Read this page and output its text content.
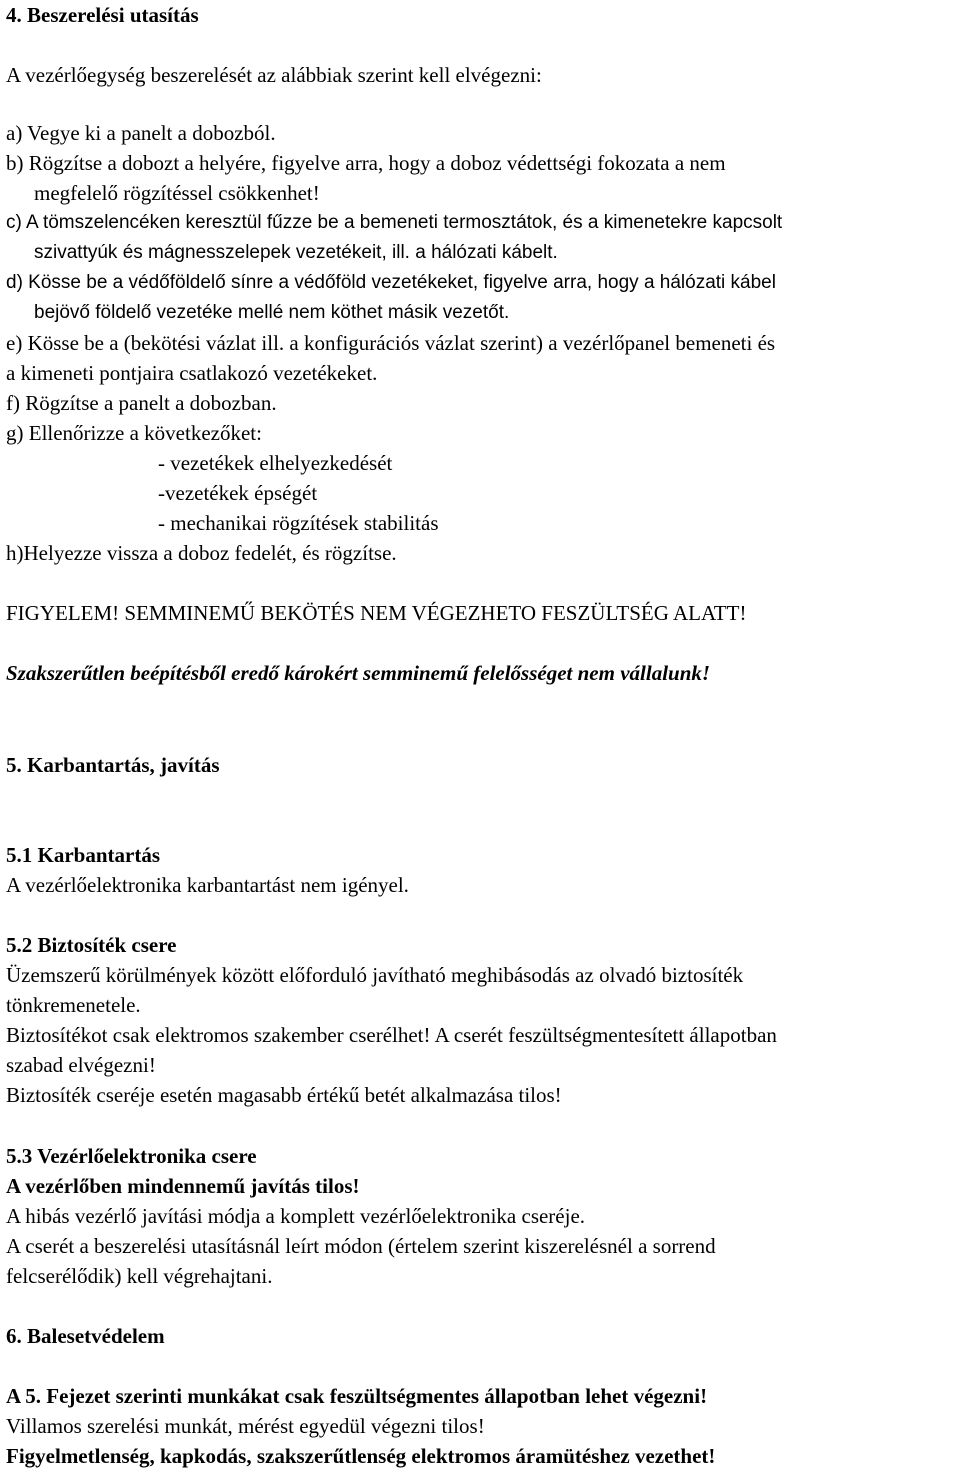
4. Beszerelési utasítás
A vezérlőegység beszerelését az alábbiak szerint kell elvégezni:
a) Vegye ki a panelt a dobozból.
b) Rögzítse a dobozt a helyére, figyelve arra, hogy a doboz védettségi fokozata a nem
megfelelő rögzítéssel csökkenhet!
c) A tömszelencéken keresztül fűzze be a bemeneti termosztátok, és a kimenetekre kapcsolt
szivattyúk és mágnesszelepek vezetékeit, ill. a hálózati kábelt.
d) Kösse be a védőföldelő sínre a védőföld vezetékeket, figyelve arra, hogy a hálózati kábel
bejövő földelő vezetéke mellé nem köthet másik vezetőt.
e) Kösse be a (bekötési vázlat ill. a konfigurációs vázlat szerint) a vezérlőpanel bemeneti és
a kimeneti pontjaira csatlakozó vezetékeket.
f) Rögzítse a panelt a dobozban.
g) Ellenőrizze a következőket:
- vezetékek elhelyezkedését
-vezetékek épségét
- mechanikai rögzítések stabilitás
h)Helyezze vissza a doboz fedelét, és rögzítse.
FIGYELEM! SEMMINEMŰ BEKÖTÉS NEM VÉGEZHETO FESZÜLTSÉG ALATT!
Szakszerűtlen beépítésből eredő károkért semminemű felelősséget nem vállalunk!
5. Karbantartás, javítás
5.1 Karbantartás
A vezérlőelektronika karbantartást nem igényel.
5.2 Biztosíték csere
Üzemszerű körülmények között előforduló javítható meghibásodás az olvadó biztosíték
tönkremenetele.
Biztosítékot csak elektromos szakember cserélhet! A cserét feszültségmentesített állapotban
szabad elvégezni!
Biztosíték cseréje esetén magasabb értékű betét alkalmazása tilos!
5.3 Vezérlőelektronika csere
A vezérlőben mindennemű javítás tilos!
A hibás vezérlő javítási módja a komplett vezérlőelektronika cseréje.
A cserét a beszerelési utasításnál leírt módon (értelem szerint kiszerelésnél a sorrend
felcserélődik) kell végrehajtani.
6. Balesetvédelem
A 5. Fejezet szerinti munkákat csak feszültségmentes állapotban lehet végezni!
Villamos szerelési munkát, mérést egyedül végezni tilos!
Figyelmetlenség, kapkodás, szakszerűtlenség elektromos áramütéshez vezethet!
